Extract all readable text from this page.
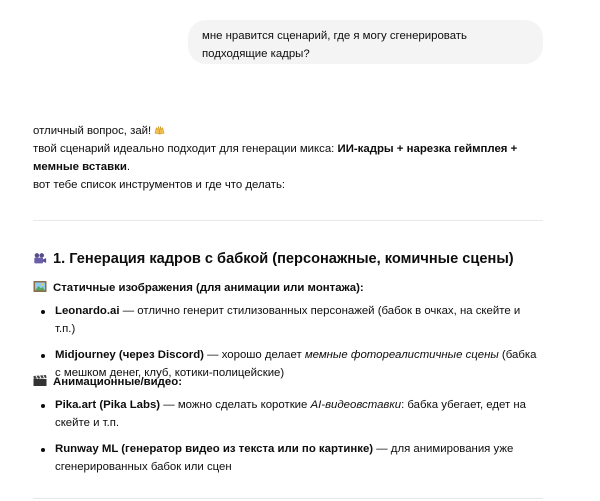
мне нравится сценарий, где я могу сгенерировать подходящие кадры?
отличный вопрос, зай!
твой сценарий идеально подходит для генерации микса: ИИ-кадры + нарезка геймплея + мемные вставки.
вот тебе список инструментов и где что делать:
1. Генерация кадров с бабкой (персонажные, комичные сцены)
Статичные изображения (для анимации или монтажа):
Leonardo.ai — отлично генерит стилизованных персонажей (бабок в очках, на скейте и т.п.)
Midjourney (через Discord) — хорошо делает мемные фотореалистичные сцены (бабка с мешком денег, клуб, котики-полицейские)
Анимационные/видео:
Pika.art (Pika Labs) — можно сделать короткие AI-видеовставки: бабка убегает, едет на скейте и т.п.
Runway ML (генератор видео из текста или по картинке) — для анимирования уже сгенерированных бабок или сцен
